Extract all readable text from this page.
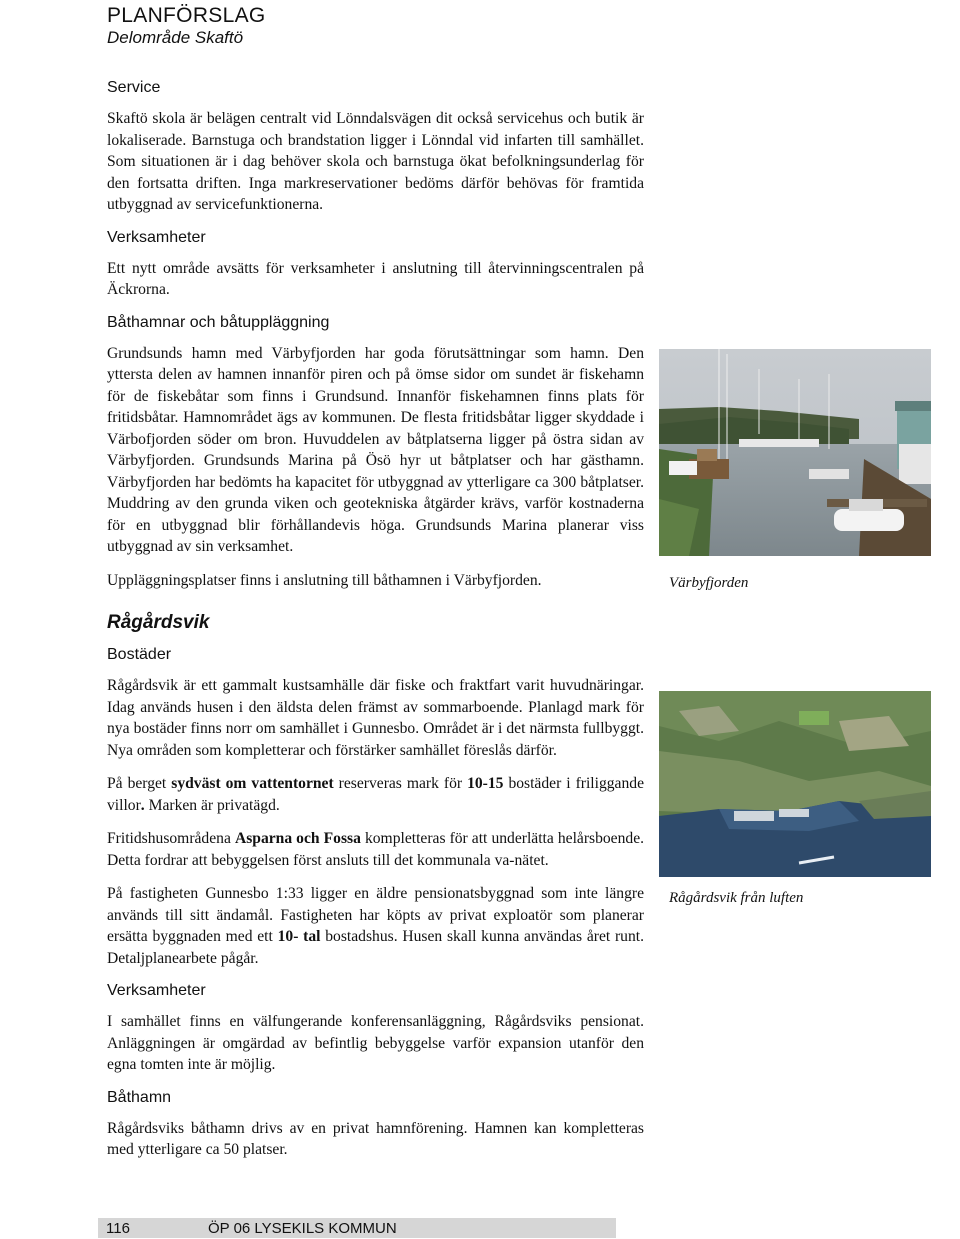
PLANFÖRSLAG
Delområde Skaftö
Service

Skaftö skola är belägen centralt vid Lönndalsvägen dit också servicehus och butik är lokaliserade. Barnstuga och brandstation ligger i Lönndal vid infarten till samhället. Som situationen är i dag behöver skola och barnstuga ökat befolkningsunderlag för den fortsatta driften. Inga markreservationer bedöms därför behövas för framtida utbyggnad av servicefunktionerna.

Verksamheter

Ett nytt område avsätts för verksamheter i anslutning till återvinningscentralen på Äckrorna.

Båthamnar och båtuppläggning

Grundsunds hamn med Värbyfjorden har goda förutsättningar som hamn. Den yttersta delen av hamnen innanför piren och på ömse sidor om sundet är fiskehamn för de fiskebåtar som finns i Grundsund. Innanför fiskehamnen finns plats för fritidsbåtar. Hamnområdet ägs av kommunen. De flesta fritidsbåtar ligger skyddade i Värbofjorden söder om bron. Huvuddelen av båtplatserna ligger på östra sidan av Värbyfjorden. Grundsunds Marina på Ösö hyr ut båtplatser och har gästhamn. Värbyfjorden har bedömts ha kapacitet för utbyggnad av ytterligare ca 300 båtplatser. Muddring av den grunda viken och geotekniska åtgärder krävs, varför kostnaderna för en utbyggnad blir förhållandevis höga. Grundsunds Marina planerar viss utbyggnad av sin verksamhet.

Uppläggningsplatser finns i anslutning till båthamnen i Värbyfjorden.

Rågårdsvik
Bostäder

Rågårdsvik är ett gammalt kustsamhälle där fiske och fraktfart varit huvudnäringar. Idag används husen i den äldsta delen främst av sommarboende. Planlagd mark för nya bostäder finns norr om samhället i Gunnesbo. Området är i det närmsta fullbyggt. Nya områden som kompletterar och förstärker samhället föreslås därför.

På berget sydväst om vattentornet reserveras mark för 10-15 bostäder i friliggande villor. Marken är privatägd.

Fritidshusområdena Asparna och Fossa kompletteras för att underlätta helårsboende. Detta fordrar att bebyggelsen först ansluts till det kommunala va-nätet.

På fastigheten Gunnesbo 1:33 ligger en äldre pensionatsbyggnad som inte längre används till sitt ändamål. Fastigheten har köpts av privat exploatör som planerar ersätta byggnaden med ett 10- tal bostadshus. Husen skall kunna användas året runt. Detaljplanearbete pågår.

Verksamheter

I samhället finns en välfungerande konferensanläggning, Rågårdsviks pensionat. Anläggningen är omgärdad av befintlig bebyggelse varför expansion utanför den egna tomten inte är möjlig.

Båthamn

Rågårdsviks båthamn drivs av en privat hamnförening. Hamnen kan kompletteras med ytterligare ca 50 platser.

Värbyfjorden
Rågårdsvik från luften
116	ÖP 06 LYSEKILS KOMMUN
